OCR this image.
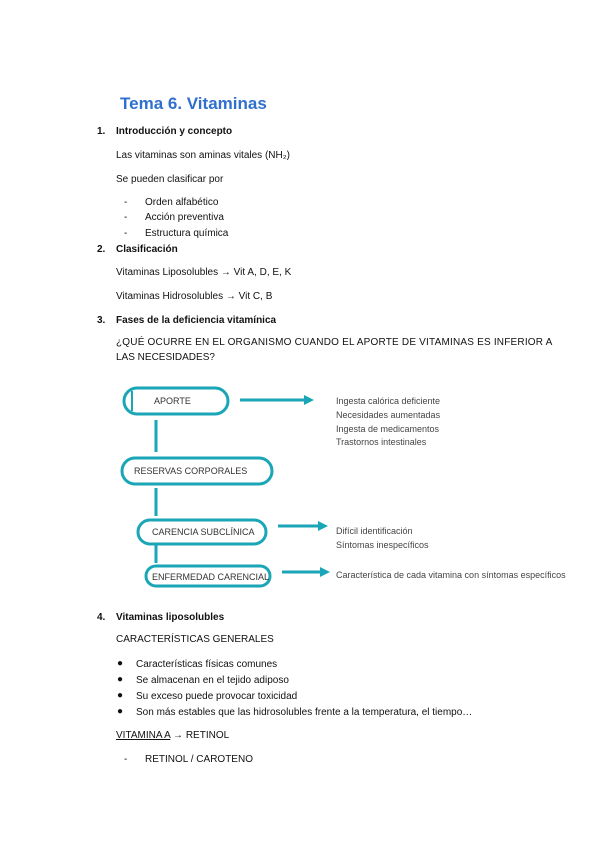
Tema 6. Vitaminas
1. Introducción y concepto
Las vitaminas son aminas vitales (NH₂)
Se pueden clasificar por
- Orden alfabético
- Acción preventiva
- Estructura química
2. Clasificación
Vitaminas Liposolubles → Vit A, D, E, K
Vitaminas Hidrosolubles → Vit C, B
3. Fases de la deficiencia vitamínica
¿QUÉ OCURRE EN EL ORGANISMO CUANDO EL APORTE DE VITAMINAS ES INFERIOR A
LAS NECESIDADES?
APORTE
RESERVAS CORPORALES
CARENCIA SUBCLÍNICA
ENFERMEDAD CARENCIAL
Ingesta calórica deficiente
Necesidades aumentadas
Ingesta de medicamentos
Trastornos intestinales
Difícil identificación
Síntomas inespecíficos
Característica de cada vitamina con síntomas específicos
4. Vitaminas liposolubles
CARACTERÍSTICAS GENERALES
● Características físicas comunes
● Se almacenan en el tejido adiposo
● Su exceso puede provocar toxicidad
● Son más estables que las hidrosolubles frente a la temperatura, el tiempo…
VITAMINA A → RETINOL
- RETINOL / CAROTENO
